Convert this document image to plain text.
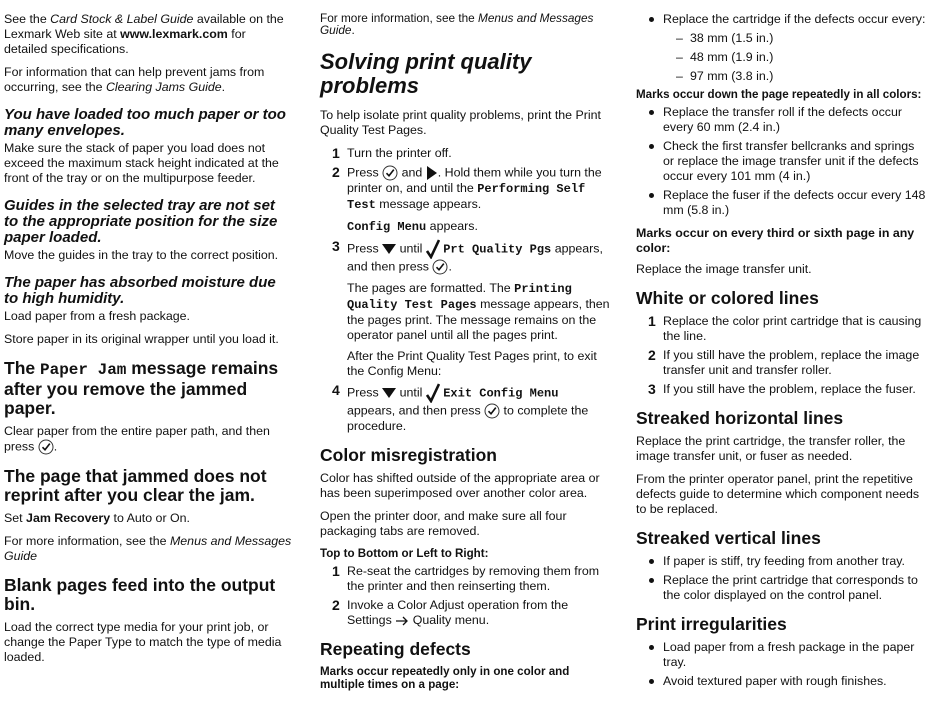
See the Card Stock & Label Guide available on the Lexmark Web site at www.lexmark.com for detailed specifications.

For information that can help prevent jams from occurring, see the Clearing Jams Guide.

You have loaded too much paper or too many envelopes.

Make sure the stack of paper you load does not exceed the maximum stack height indicated at the front of the tray or on the multipurpose feeder.

Guides in the selected tray are not set to the appropriate position for the size paper loaded.

Move the guides in the tray to the correct position.

The paper has absorbed moisture due to high humidity.

Load paper from a fresh package.

Store paper in its original wrapper until you load it.

The Paper Jam message remains after you remove the jammed paper.

Clear paper from the entire paper path, and then press .

The page that jammed does not reprint after you clear the jam.

Set Jam Recovery to Auto or On.

For more information, see the Menus and Messages Guide

Blank pages feed into the output bin.

Load the correct type media for your print job, or change the Paper Type to match the type of media loaded.

For more information, see the Menus and Messages Guide.

Solving print quality problems

To help isolate print quality problems, print the Print Quality Test Pages.

1 Turn the printer off.
2 Press and . Hold them while you turn the printer on, and until the Performing Self Test message appears.
Config Menu appears.
3 Press until Prt Quality Pgs appears, and then press .
The pages are formatted. The Printing Quality Test Pages message appears, then the pages print. The message remains on the operator panel until all the pages print.
After the Print Quality Test Pages print, to exit the Config Menu:
4 Press until Exit Config Menu appears, and then press to complete the procedure.
Color misregistration

Color has shifted outside of the appropriate area or has been superimposed over another color area.

Open the printer door, and make sure all four packaging tabs are removed.

Top to Bottom or Left to Right:
1 Re-seat the cartridges by removing them from the printer and then reinserting them.
2 Invoke a Color Adjust operation from the Settings Quality menu.
Repeating defects
Marks occur repeatedly only in one color and multiple times on a page:
Replace the cartridge if the defects occur every:
– 38 mm (1.5 in.)
– 48 mm (1.9 in.)
– 97 mm (3.8 in.)
Marks occur down the page repeatedly in all colors:
Replace the transfer roll if the defects occur every 60 mm (2.4 in.)
Check the first transfer bellcranks and springs or replace the image transfer unit if the defects occur every 101 mm (4 in.)
Replace the fuser if the defects occur every 148 mm (5.8 in.)
Marks occur on every third or sixth page in any color:

Replace the image transfer unit.

White or colored lines
1 Replace the color print cartridge that is causing the line.
2 If you still have the problem, replace the image transfer unit and transfer roller.
3 If you still have the problem, replace the fuser.
Streaked horizontal lines

Replace the print cartridge, the transfer roller, the image transfer unit, or fuser as needed.

From the printer operator panel, print the repetitive defects guide to determine which component needs to be replaced.

Streaked vertical lines
If paper is stiff, try feeding from another tray.
Replace the print cartridge that corresponds to the color displayed on the control panel.
Print irregularities
Load paper from a fresh package in the paper tray.
Avoid textured paper with rough finishes.
